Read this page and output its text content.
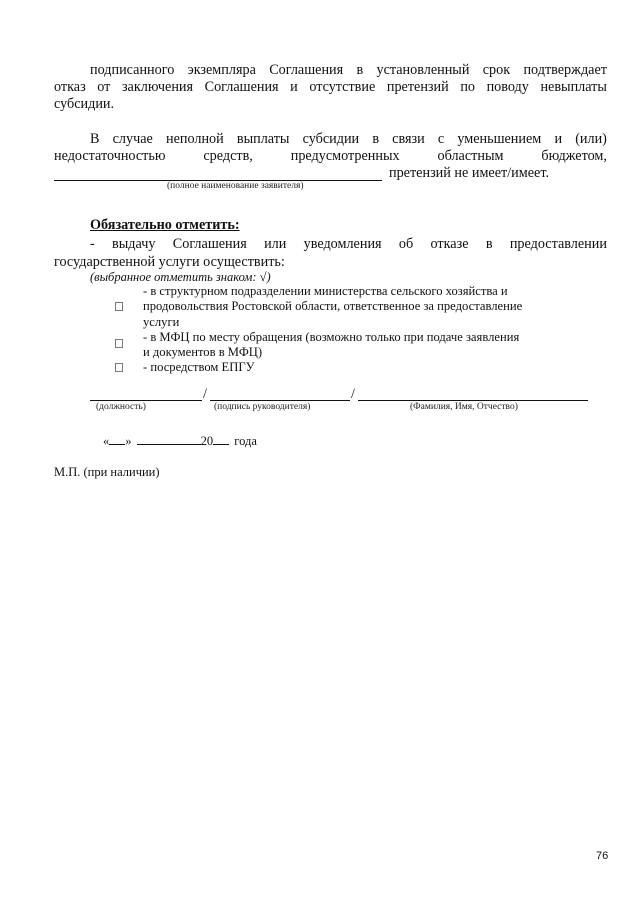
подписанного экземпляра Соглашения в установленный срок подтверждает
отказ от заключения Соглашения и отсутствие претензий по поводу невыплаты
субсидии.
В случае неполной выплаты субсидии в связи с уменьшением и (или)
недостаточностью	средств,	предусмотренных	областным	бюджетом,
претензий не имеет/имеет.
(полное наименование заявителя)
Обязательно отметить:
- выдачу Соглашения или уведомления об отказе в предоставлении
государственной услуги осуществить:
(выбранное отметить знаком: √)
- в структурном подразделении министерства сельского хозяйства и
продовольствия Ростовской области, ответственное за предоставление
услуги
- в МФЦ по месту обращения (возможно только при подаче заявления
и документов в МФЦ)
- посредством ЕПГУ
/	/
(должность)	(подпись руководителя)	(Фамилия, Имя, Отчество)
« »	20 года
М.П. (при наличии)
76
